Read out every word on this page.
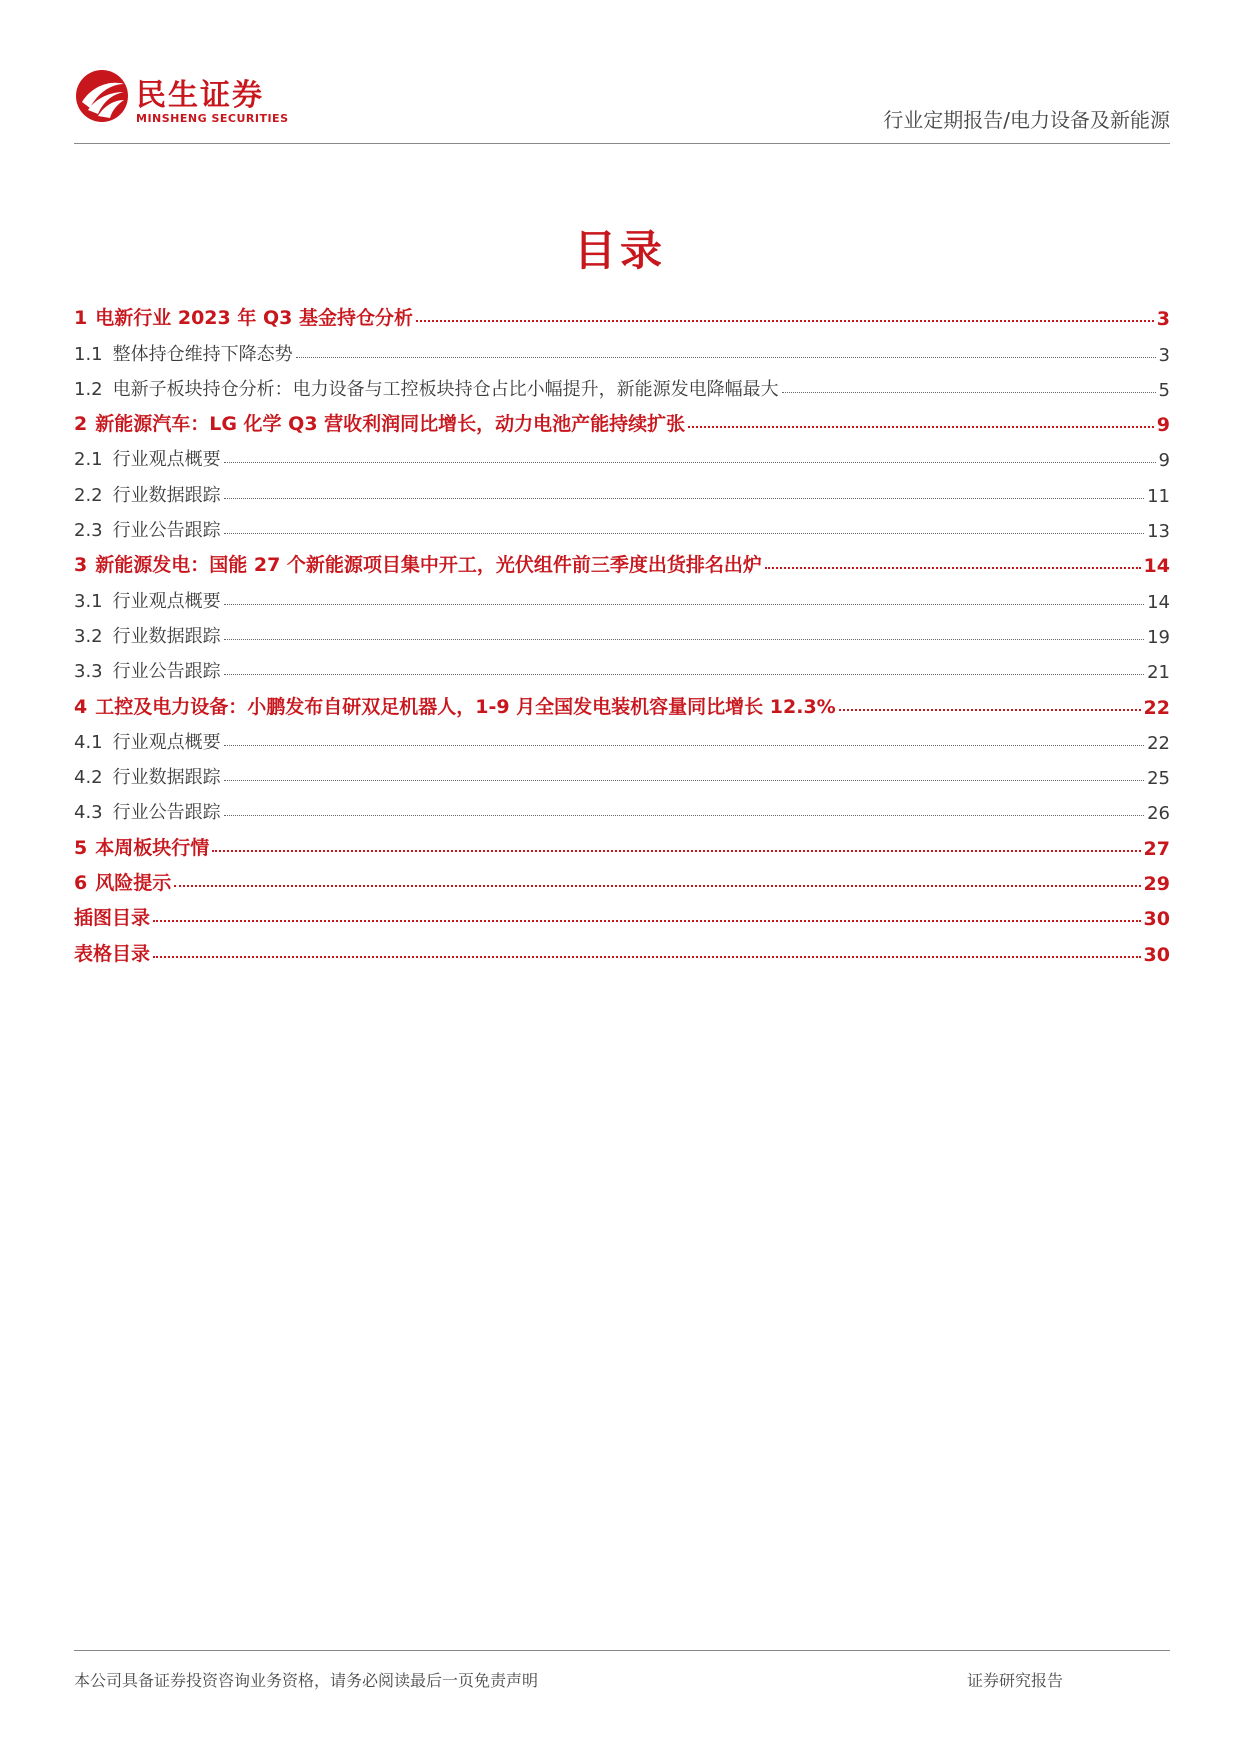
民生证券
MINSHENG SECURITIES	行业定期报告/电力设备及新能源
目录
1 电新行业 2023 年 Q3 基金持仓分析	3
1.1 整体持仓维持下降态势	3
1.2 电新子板块持仓分析：电力设备与工控板块持仓占比小幅提升，新能源发电降幅最大	5
2 新能源汽车：LG 化学 Q3 营收利润同比增长，动力电池产能持续扩张	9
2.1 行业观点概要	9
2.2 行业数据跟踪	11
2.3 行业公告跟踪	13
3 新能源发电：国能 27 个新能源项目集中开工，光伏组件前三季度出货排名出炉	14
3.1 行业观点概要	14
3.2 行业数据跟踪	19
3.3 行业公告跟踪	21
4 工控及电力设备：小鹏发布自研双足机器人，1-9 月全国发电装机容量同比增长 12.3%	22
4.1 行业观点概要	22
4.2 行业数据跟踪	25
4.3 行业公告跟踪	26
5 本周板块行情	27
6 风险提示	29
插图目录	30
表格目录	30
本公司具备证券投资咨询业务资格，请务必阅读最后一页免责声明	证券研究报告
